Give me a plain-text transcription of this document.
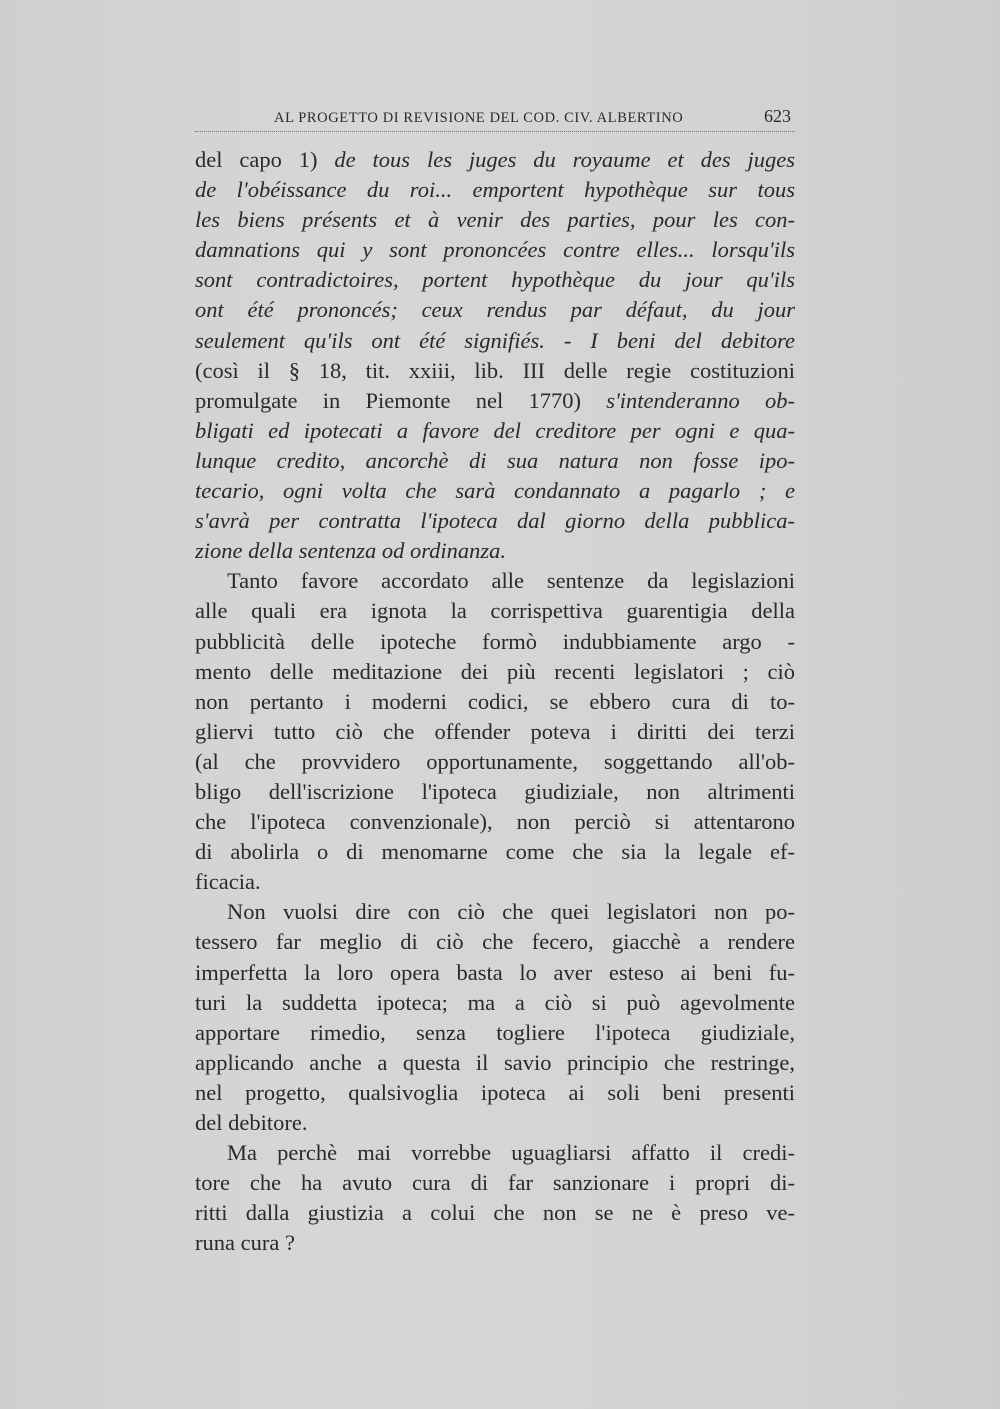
AL PROGETTO DI REVISIONE DEL COD. CIV. ALBERTINO	623
del capo 1) de tous les juges du royaume et des juges
de l'obéissance du roi... emportent hypothèque sur tous
les biens présents et à venir des parties, pour les con-
damnations qui y sont prononcées contre elles... lorsqu'ils
sont contradictoires, portent hypothèque du jour qu'ils
ont été prononcés; ceux rendus par défaut, du jour
seulement qu'ils ont été signifiés. - I beni del debitore
(così il § 18, tit. xxiii, lib. III delle regie costituzioni
promulgate in Piemonte nel 1770) s'intenderanno ob-
bligati ed ipotecati a favore del creditore per ogni e qua-
lunque credito, ancorchè di sua natura non fosse ipo-
tecario, ogni volta che sarà condannato a pagarlo ; e
s'avrà per contratta l'ipoteca dal giorno della pubblica-
zione della sentenza od ordinanza.
Tanto favore accordato alle sentenze da legislazioni
alle quali era ignota la corrispettiva guarentigia della
pubblicità delle ipoteche formò indubbiamente argo -
mento delle meditazione dei più recenti legislatori ; ciò
non pertanto i moderni codici, se ebbero cura di to-
gliervi tutto ciò che offender poteva i diritti dei terzi
(al che provvidero opportunamente, soggettando all'ob-
bligo dell'iscrizione l'ipoteca giudiziale, non altrimenti
che l'ipoteca convenzionale), non perciò si attentarono
di abolirla o di menomarne come che sia la legale ef-
ficacia.
Non vuolsi dire con ciò che quei legislatori non po-
tessero far meglio di ciò che fecero, giacchè a rendere
imperfetta la loro opera basta lo aver esteso ai beni fu-
turi la suddetta ipoteca; ma a ciò si può agevolmente
apportare rimedio, senza togliere l'ipoteca giudiziale,
applicando anche a questa il savio principio che restringe,
nel progetto, qualsivoglia ipoteca ai soli beni presenti
del debitore.
Ma perchè mai vorrebbe uguagliarsi affatto il credi-
tore che ha avuto cura di far sanzionare i propri di-
ritti dalla giustizia a colui che non se ne è preso ve-
runa cura ?
